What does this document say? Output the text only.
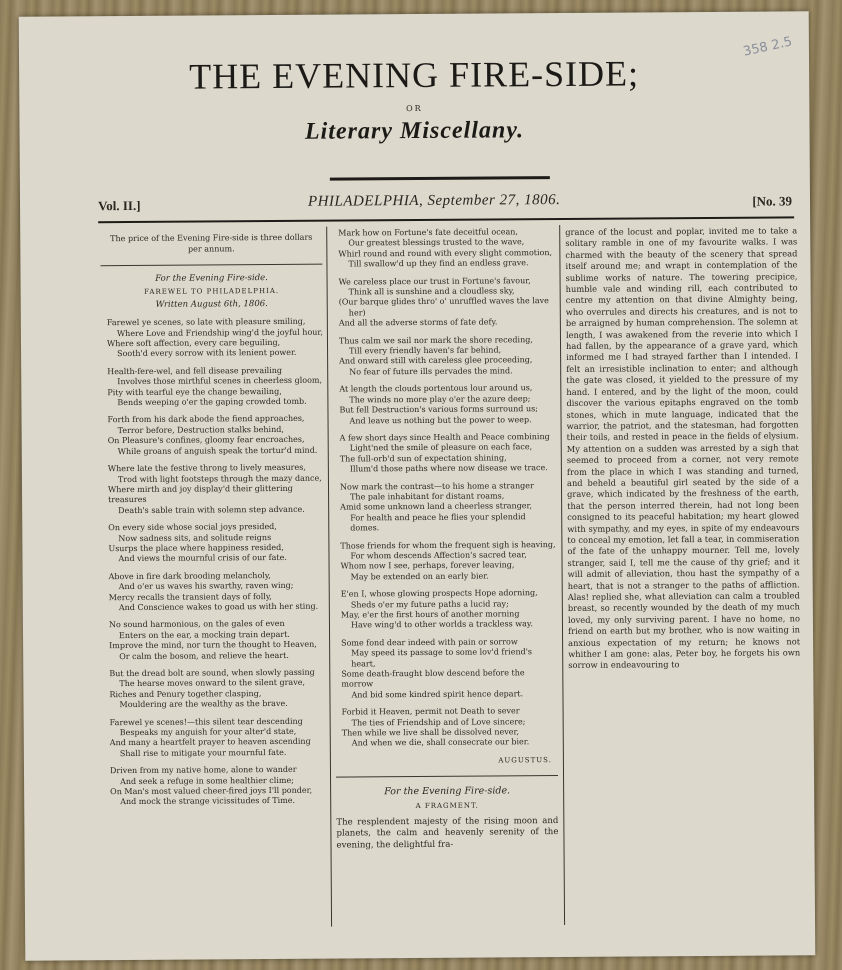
358 2.5
THE EVENING FIRE-SIDE;
OR
Literary Miscellany.
Vol. II.]	PHILADELPHIA, September 27, 1806.	[No. 39
The price of the Evening Fire-side is three dollars per annum.
For the Evening Fire-side.
FAREWEL TO PHILADELPHIA.
Written August 6th, 1806.

Farewel ye scenes, so late with pleasure smiling,

Where Love and Friendship wing'd the joyful hour,

Where soft affection, every care beguiling,

Sooth'd every sorrow with its lenient power.

Health-fere-wel, and fell disease prevailing

Involves those mirthful scenes in cheerless gloom,

Pity with tearful eye the change bewailing,

Bends weeping o'er the gaping crowded tomb.

Forth from his dark abode the fiend approaches,

Terror before, Destruction stalks behind,

On Pleasure's confines, gloomy fear encroaches,

While groans of anguish speak the tortur'd mind.

Where late the festive throng to lively measures,

Trod with light footsteps through the mazy dance,

Where mirth and joy display'd their glittering treasures

Death's sable train with solemn step advance.

On every side whose social joys presided,

Now sadness sits, and solitude reigns

Usurps the place where happiness resided,

And views the mournful crisis of our fate.

Above in fire dark brooding melancholy,

And o'er us waves his swarthy, raven wing;

Mercy recalls the transient days of folly,

And Conscience wakes to goad us with her sting.

No sound harmonious, on the gales of even

Enters on the ear, a mocking train depart.

Improve the mind, nor turn the thought to Heaven,

Or calm the bosom, and relieve the heart.

But the dread bolt are sound, when slowly passing

The hearse moves onward to the silent grave,

Riches and Penury together clasping,

Mouldering are the wealthy as the brave.

Farewel ye scenes!—this silent tear descending

Bespeaks my anguish for your alter'd state,

And many a heartfelt prayer to heaven ascending

Shall rise to mitigate your mournful fate.

Driven from my native home, alone to wander

And seek a refuge in some healthier clime;

On Man's most valued cheer-fired joys I'll ponder,

And mock the strange vicissitudes of Time.

Mark how on Fortune's fate deceitful ocean,

Our greatest blessings trusted to the wave,

Whirl round and round with every slight commotion,

Till swallow'd up they find an endless grave.

We careless place our trust in Fortune's favour,

Think all is sunshine and a cloudless sky,

(Our barque glides thro' o' unruffled waves the lave

her)

And all the adverse storms of fate defy.

Thus calm we sail nor mark the shore receding,

Till every friendly haven's far behind,

And onward still with careless glee proceeding,

No fear of future ills pervades the mind.

At length the clouds portentous lour around us,

The winds no more play o'er the azure deep;

But fell Destruction's various forms surround us;

And leave us nothing but the power to weep.

A few short days since Health and Peace combining

Light'ned the smile of pleasure on each face,

The full-orb'd sun of expectation shining,

Illum'd those paths where now disease we trace.

Now mark the contrast—to his home a stranger

The pale inhabitant for distant roams,

Amid some unknown land a cheerless stranger,

For health and peace he flies your splendid domes.

Those friends for whom the frequent sigh is heaving,

For whom descends Affection's sacred tear,

Whom now I see, perhaps, forever leaving,

May be extended on an early bier.

E'en I, whose glowing prospects Hope adorning,

Sheds o'er my future paths a lucid ray;

May, e'er the first hours of another morning

Have wing'd to other worlds a trackless way.

Some fond dear indeed with pain or sorrow

May speed its passage to some lov'd friend's heart,

Some death-fraught blow descend before the morrow

And bid some kindred spirit hence depart.

Forbid it Heaven, permit not Death to sever

The ties of Friendship and of Love sincere;

Then while we live shall be dissolved never,

And when we die, shall consecrate our bier.

AUGUSTUS.
For the Evening Fire-side.
A FRAGMENT.

The resplendent majesty of the rising moon and planets, the calm and heavenly serenity of the evening, the delightful fra-

grance of the locust and poplar, invited me to take a solitary ramble in one of my favourite walks. I was charmed with the beauty of the scenery that spread itself around me; and wrapt in contemplation of the sublime works of nature. The towering precipice, humble vale and winding rill, each contributed to centre my attention on that divine Almighty being, who overrules and directs his creatures, and is not to be arraigned by human comprehension. The solemn at length, I was awakened from the reverie into which I had fallen, by the appearance of a grave yard, which informed me I had strayed farther than I intended. I felt an irresistible inclination to enter; and although the gate was closed, it yielded to the pressure of my hand. I entered, and by the light of the moon, could discover the various epitaphs engraved on the tomb stones, which in mute language, indicated that the warrior, the patriot, and the statesman, had forgotten their toils, and rested in peace in the fields of elysium. My attention on a sudden was arrested by a sigh that seemed to proceed from a corner, not very remote from the place in which I was standing and turned, and beheld a beautiful girl seated by the side of a grave, which indicated by the freshness of the earth, that the person interred therein, had not long been consigned to its peaceful habitation; my heart glowed with sympathy, and my eyes, in spite of my endeavours to conceal my emotion, let fall a tear, in commiseration of the fate of the unhappy mourner. Tell me, lovely stranger, said I, tell me the cause of thy grief; and it will admit of alleviation, thou hast the sympathy of a heart, that is not a stranger to the paths of affliction. Alas! replied she, what alleviation can calm a troubled breast, so recently wounded by the death of my much loved, my only surviving parent. I have no home, no friend on earth but my brother, who is now waiting in anxious expectation of my return; he knows not whither I am gone: alas, Peter boy, he forgets his own sorrow in endeavouring to
